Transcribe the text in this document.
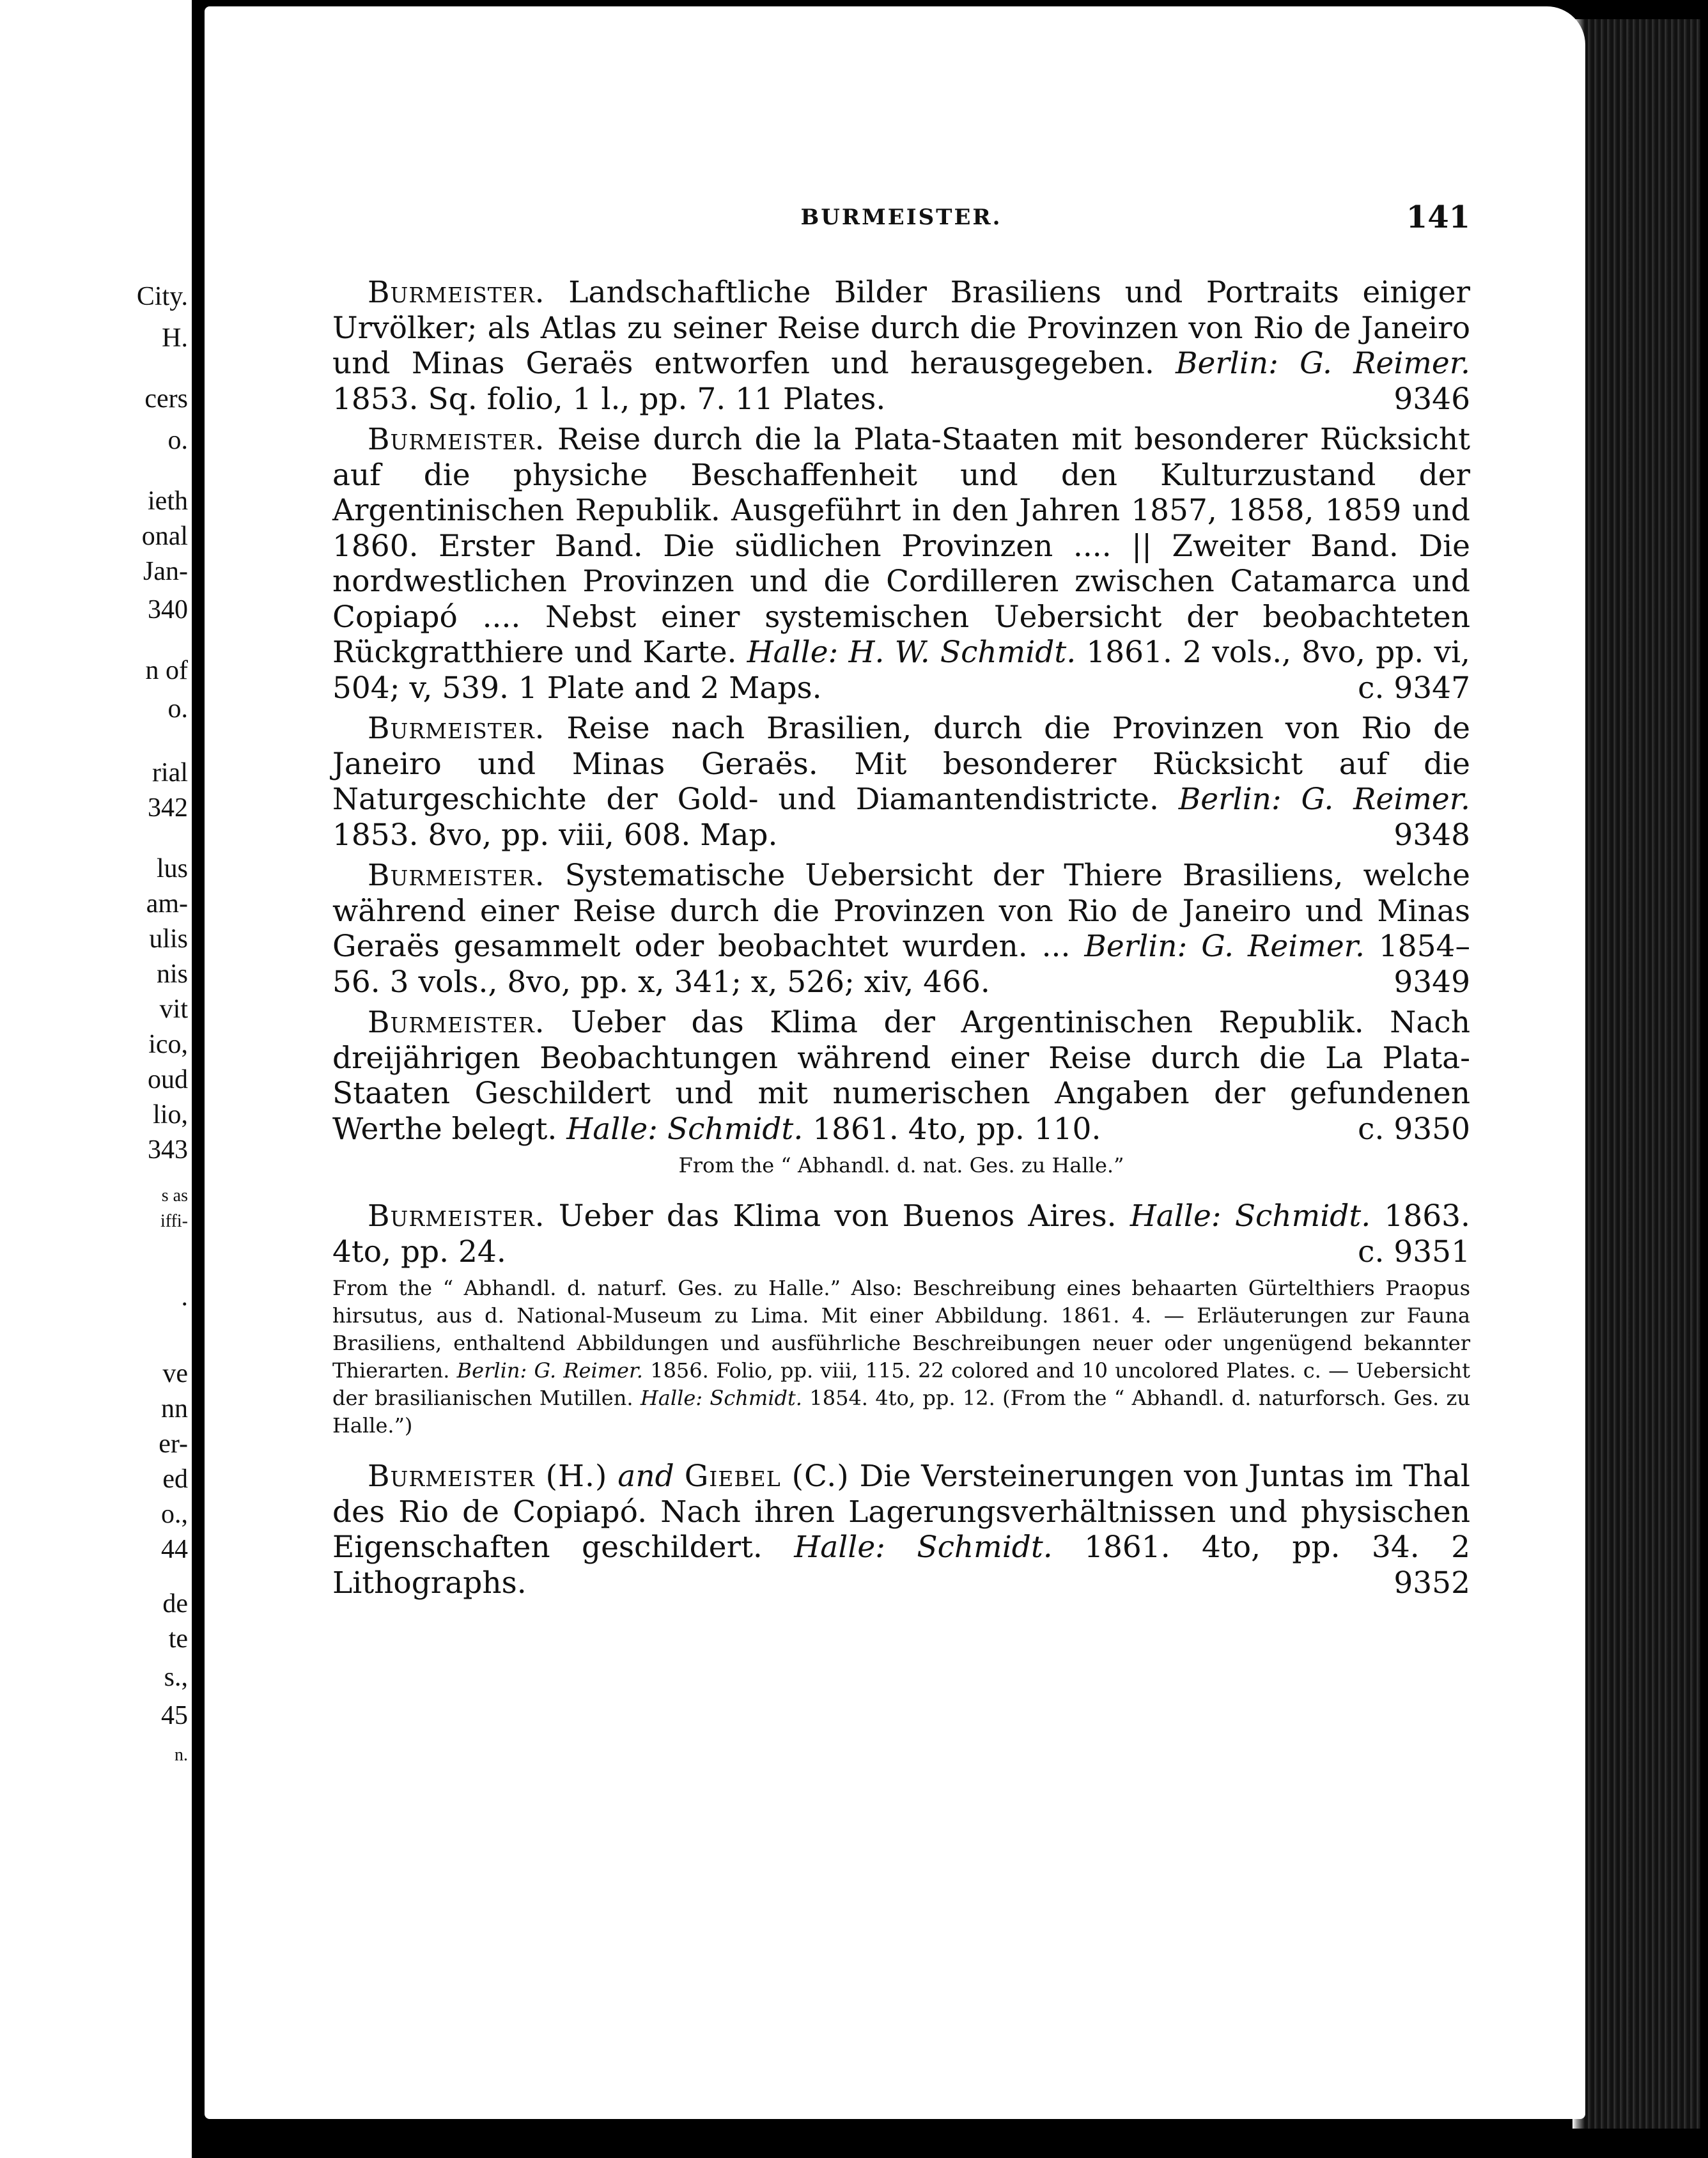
City.
H.
cers
o.
ieth
onal
Jan-
340
n of
o.
rial
342
lus
am-
ulis
nis
vit
ico,
oud
lio,
343
s as
iffi-
.
ve
nn
er-
ed
o.,
44
de
te
s.,
45
n.
BURMEISTER.	141

Burmeister. Landschaftliche Bilder Brasiliens und Portraits einiger Urvölker; als Atlas zu seiner Reise durch die Provinzen von Rio de Janeiro und Minas Geraës entworfen und herausgegeben. Berlin: G. Reimer. 1853. Sq. folio, 1 l., pp. 7. 11 Plates.	9346

Burmeister. Reise durch die la Plata-Staaten mit besonderer Rücksicht auf die physiche Beschaffenheit und den Kulturzustand der Argentinischen Republik. Ausgeführt in den Jahren 1857, 1858, 1859 und 1860. Erster Band. Die südlichen Provinzen .... || Zweiter Band. Die nordwestlichen Provinzen und die Cordilleren zwischen Catamarca und Copiapó .... Nebst einer systemischen Uebersicht der beobachteten Rückgratthiere und Karte. Halle: H. W. Schmidt. 1861. 2 vols., 8vo, pp. vi, 504; v, 539. 1 Plate and 2 Maps.	c. 9347

Burmeister. Reise nach Brasilien, durch die Provinzen von Rio de Janeiro und Minas Geraës. Mit besonderer Rücksicht auf die Naturgeschichte der Gold- und Diamantendistricte. Berlin: G. Reimer. 1853. 8vo, pp. viii, 608. Map.	9348

Burmeister. Systematische Uebersicht der Thiere Brasiliens, welche während einer Reise durch die Provinzen von Rio de Janeiro und Minas Geraës gesammelt oder beobachtet wurden. ... Berlin: G. Reimer. 1854–56. 3 vols., 8vo, pp. x, 341; x, 526; xiv, 466.	9349

Burmeister. Ueber das Klima der Argentinischen Republik. Nach dreijährigen Beobachtungen während einer Reise durch die La Plata-Staaten Geschildert und mit numerischen Angaben der gefundenen Werthe belegt. Halle: Schmidt. 1861. 4to, pp. 110.	c. 9350

From the “ Abhandl. d. nat. Ges. zu Halle.”

Burmeister. Ueber das Klima von Buenos Aires. Halle: Schmidt. 1863. 4to, pp. 24.	c. 9351

From the “ Abhandl. d. naturf. Ges. zu Halle.” Also: Beschreibung eines behaarten Gürtelthiers Praopus hirsutus, aus d. National-Museum zu Lima. Mit einer Abbildung. 1861. 4. — Erläuterungen zur Fauna Brasiliens, enthaltend Abbildungen und ausführliche Beschreibungen neuer oder ungenügend bekannter Thierarten. Berlin: G. Reimer. 1856. Folio, pp. viii, 115. 22 colored and 10 uncolored Plates. c. — Uebersicht der brasilianischen Mutillen. Halle: Schmidt. 1854. 4to, pp. 12. (From the “ Abhandl. d. naturforsch. Ges. zu Halle.”)

Burmeister (H.) and Giebel (C.) Die Versteinerungen von Juntas im Thal des Rio de Copiapó. Nach ihren Lagerungsverhältnissen und physischen Eigenschaften geschildert. Halle: Schmidt. 1861. 4to, pp. 34. 2 Lithographs.	9352
